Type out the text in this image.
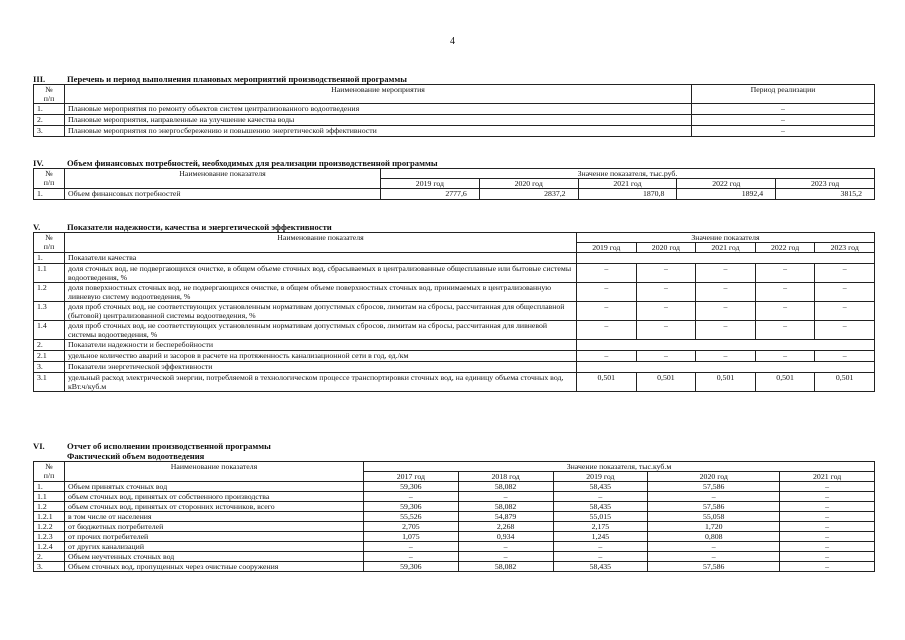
4
III.	Перечень и период выполнения плановых мероприятий производственной программы
№
п/п	Наименование мероприятия	Период реализации
1.	Плановые мероприятия по ремонту объектов систем централизованного водоотведения	–
2.	Плановые мероприятия, направленные на улучшение качества воды	–
3.	Плановые мероприятия по энергосбережению и повышению энергетической эффективности	–
IV.	Объем финансовых потребностей, необходимых для реализации производственной программы
№
п/п	Наименование показателя	Значение показателя, тыс.руб.				
		2019 год	2020 год	2021 год	2022 год	2023 год
1.	Объем финансовых потребностей	2777,6	2837,2	1870,8	1892,4	3815,2
V.	Показатели надежности, качества и энергетической эффективности
№
п/п	Наименование показателя	Значение показателя				
		2019 год	2020 год	2021 год	2022 год	2023 год
1.	Показатели качества					
1.1	доля сточных вод, не подвергающихся очистке, в общем объеме сточных вод, сбрасываемых в централизованные общесплавные или бытовые системы водоотведения, %	–	–	–	–	–
1.2	доля поверхностных сточных вод, не подвергающихся очистке, в общем объеме поверхностных сточных вод, принимаемых в централизованную ливневую систему водоотведения, %	–	–	–	–	–
1.3	доля проб сточных вод, не соответствующих установленным нормативам допустимых сбросов, лимитам на сбросы, рассчитанная для общесплавной (бытовой) централизованной системы водоотведения, %	–	–	–	–	–
1.4	доля проб сточных вод, не соответствующих установленным нормативам допустимых сбросов, лимитам на сбросы, рассчитанная для ливневой системы водоотведения, %	–	–	–	–	–
2.	Показатели надежности и бесперебойности					
2.1	удельное количество аварий и засоров в расчете на протяженность канализационной сети в год, ед./км	–	–	–	–	–
3.	Показатели энергетической эффективности					
3.1	удельный расход электрической энергии, потребляемой в технологическом процессе транспортировки сточных вод, на единицу объема сточных вод, кВт.ч/куб.м	0,501	0,501	0,501	0,501	0,501
VI.	Отчет об исполнении производственной программы
Фактический объем водоотведения
№
п/п	Наименование показателя	Значение показателя, тыс.куб.м				
		2017 год	2018 год	2019 год	2020 год	2021 год
1.	Объем принятых сточных вод	59,306	58,082	58,435	57,586	–
1.1	объем сточных вод, принятых от собственного производства	–	–	–	–	–
1.2	объем сточных вод, принятых от сторонних источников, всего	59,306	58,082	58,435	57,586	–
1.2.1	в том числе от населения	55,526	54,879	55,015	55,058	–
1.2.2	от бюджетных потребителей	2,705	2,268	2,175	1,720	–
1.2.3	от прочих потребителей	1,075	0,934	1,245	0,808	–
1.2.4	от других канализаций	–	–	–	–	–
2.	Объем неучтенных сточных вод	–	–	–	–	–
3.	Объем сточных вод, пропущенных через очистные сооружения	59,306	58,082	58,435	57,586	–
